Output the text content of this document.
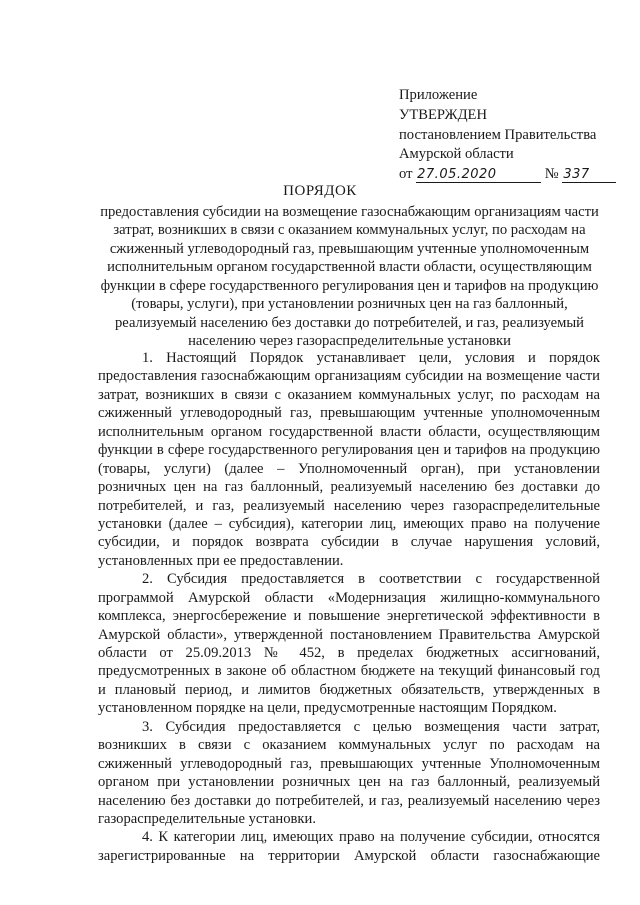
Приложение
УТВЕРЖДЕН
постановлением Правительства
Амурской области
от 27.05.2020	№ 337
ПОРЯДОК
предоставления субсидии на возмещение газоснабжающим организациям части
затрат, возникших в связи с оказанием коммунальных услуг, по расходам на
сжиженный углеводородный газ, превышающим учтенные уполномоченным
исполнительным органом государственной власти области, осуществляющим
функции в сфере государственного регулирования цен и тарифов на продукцию
(товары, услуги), при установлении розничных цен на газ баллонный,
реализуемый населению без доставки до потребителей, и газ, реализуемый
населению через газораспределительные установки
1. Настоящий Порядок устанавливает цели, условия и порядок
предоставления газоснабжающим организациям субсидии на возмещение части
затрат, возникших в связи с оказанием коммунальных услуг, по расходам на
сжиженный углеводородный газ, превышающим учтенные уполномоченным
исполнительным органом государственной власти области, осуществляющим
функции в сфере государственного регулирования цен и тарифов на продукцию
(товары, услуги) (далее – Уполномоченный орган), при установлении
розничных цен на газ баллонный, реализуемый населению без доставки до
потребителей, и газ, реализуемый населению через газораспределительные
установки (далее – субсидия), категории лиц, имеющих право на получение
субсидии, и порядок возврата субсидии в случае нарушения условий,
установленных при ее предоставлении.
2. Субсидия предоставляется в соответствии с государственной
программой Амурской области «Модернизация жилищно-коммунального
комплекса, энергосбережение и повышение энергетической эффективности в
Амурской области», утвержденной постановлением Правительства Амурской
области от 25.09.2013 № 452, в пределах бюджетных ассигнований,
предусмотренных в законе об областном бюджете на текущий финансовый год
и плановый период, и лимитов бюджетных обязательств, утвержденных в
установленном порядке на цели, предусмотренные настоящим Порядком.
3. Субсидия предоставляется с целью возмещения части затрат,
возникших в связи с оказанием коммунальных услуг по расходам на
сжиженный углеводородный газ, превышающих учтенные Уполномоченным
органом при установлении розничных цен на газ баллонный, реализуемый
населению без доставки до потребителей, и газ, реализуемый населению через
газораспределительные установки.
4. К категории лиц, имеющих право на получение субсидии, относятся
зарегистрированные на территории Амурской области газоснабжающие
